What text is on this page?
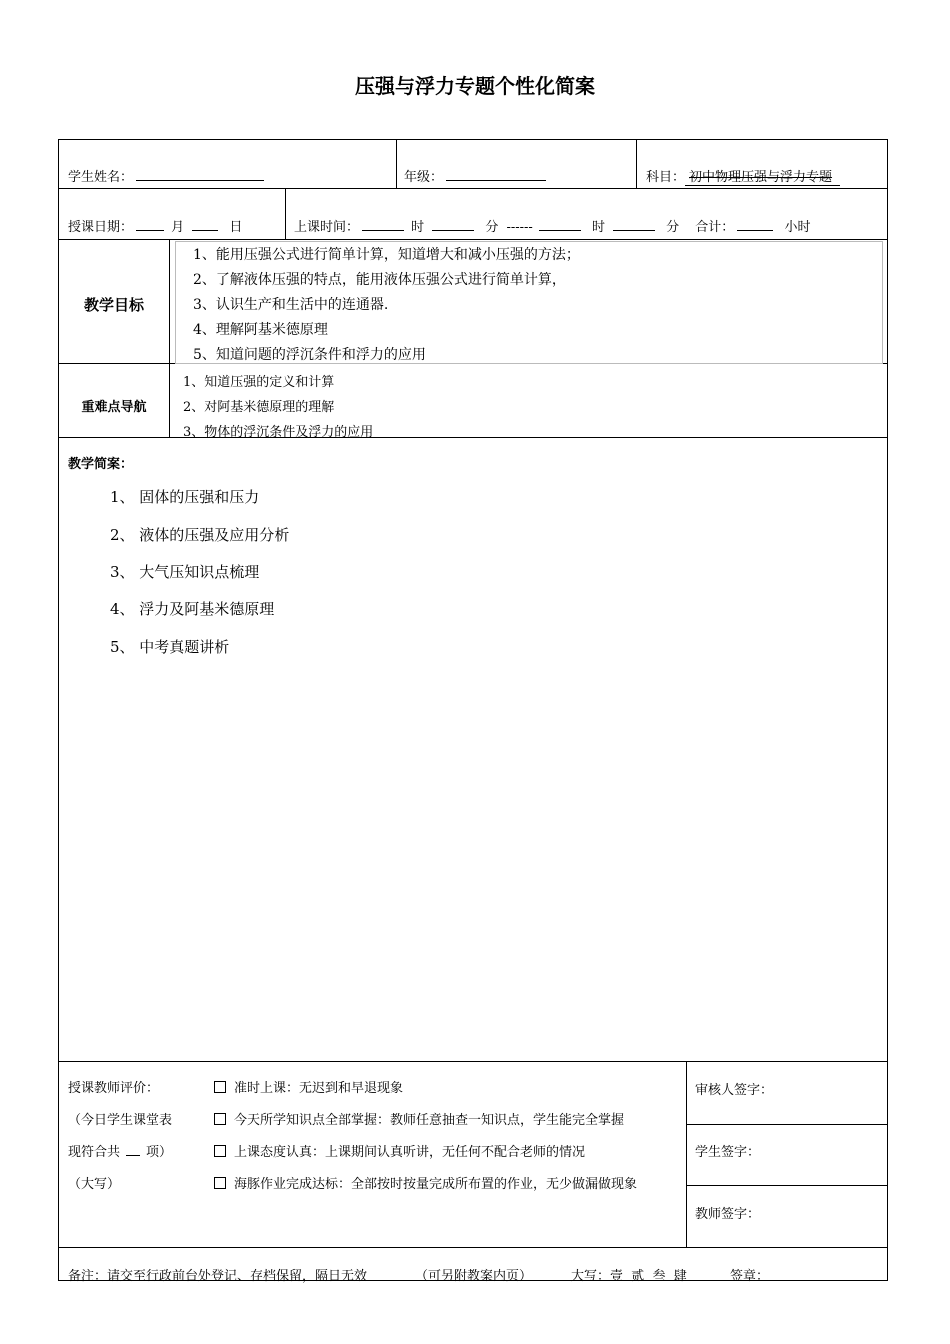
压强与浮力专题个性化简案
学生姓名：	年级：	科目： 初中物理压强与浮力专题
授课日期：	月	日	上课时间：	时	分 ------	时	分 合计：	小时
教学目标
1、能用压强公式进行简单计算，知道增大和减小压强的方法；
2、了解液体压强的特点，能用液体压强公式进行简单计算，
3、认识生产和生活中的连通器.
4、理解阿基米德原理
5、知道问题的浮沉条件和浮力的应用
重难点导航
1、知道压强的定义和计算
2、对阿基米德原理的理解
3、物体的浮沉条件及浮力的应用
教学简案：
1、 固体的压强和压力
2、 液体的压强及应用分析
3、 大气压知识点梳理
4、 浮力及阿基米德原理
5、 中考真题讲析
授课教师评价：
（今日学生课堂表
现符合共 项）
（大写）
准时上课：无迟到和早退现象
今天所学知识点全部掌握：教师任意抽查一知识点，学生能完全掌握
上课态度认真：上课期间认真听讲，无任何不配合老师的情况
海豚作业完成达标：全部按时按量完成所布置的作业，无少做漏做现象
审核人签字：
学生签字：
教师签字：
备注：请交至行政前台处登记、存档保留，隔日无效	（可另附教案内页）	大写：壹  贰  叁  肆	签章：
